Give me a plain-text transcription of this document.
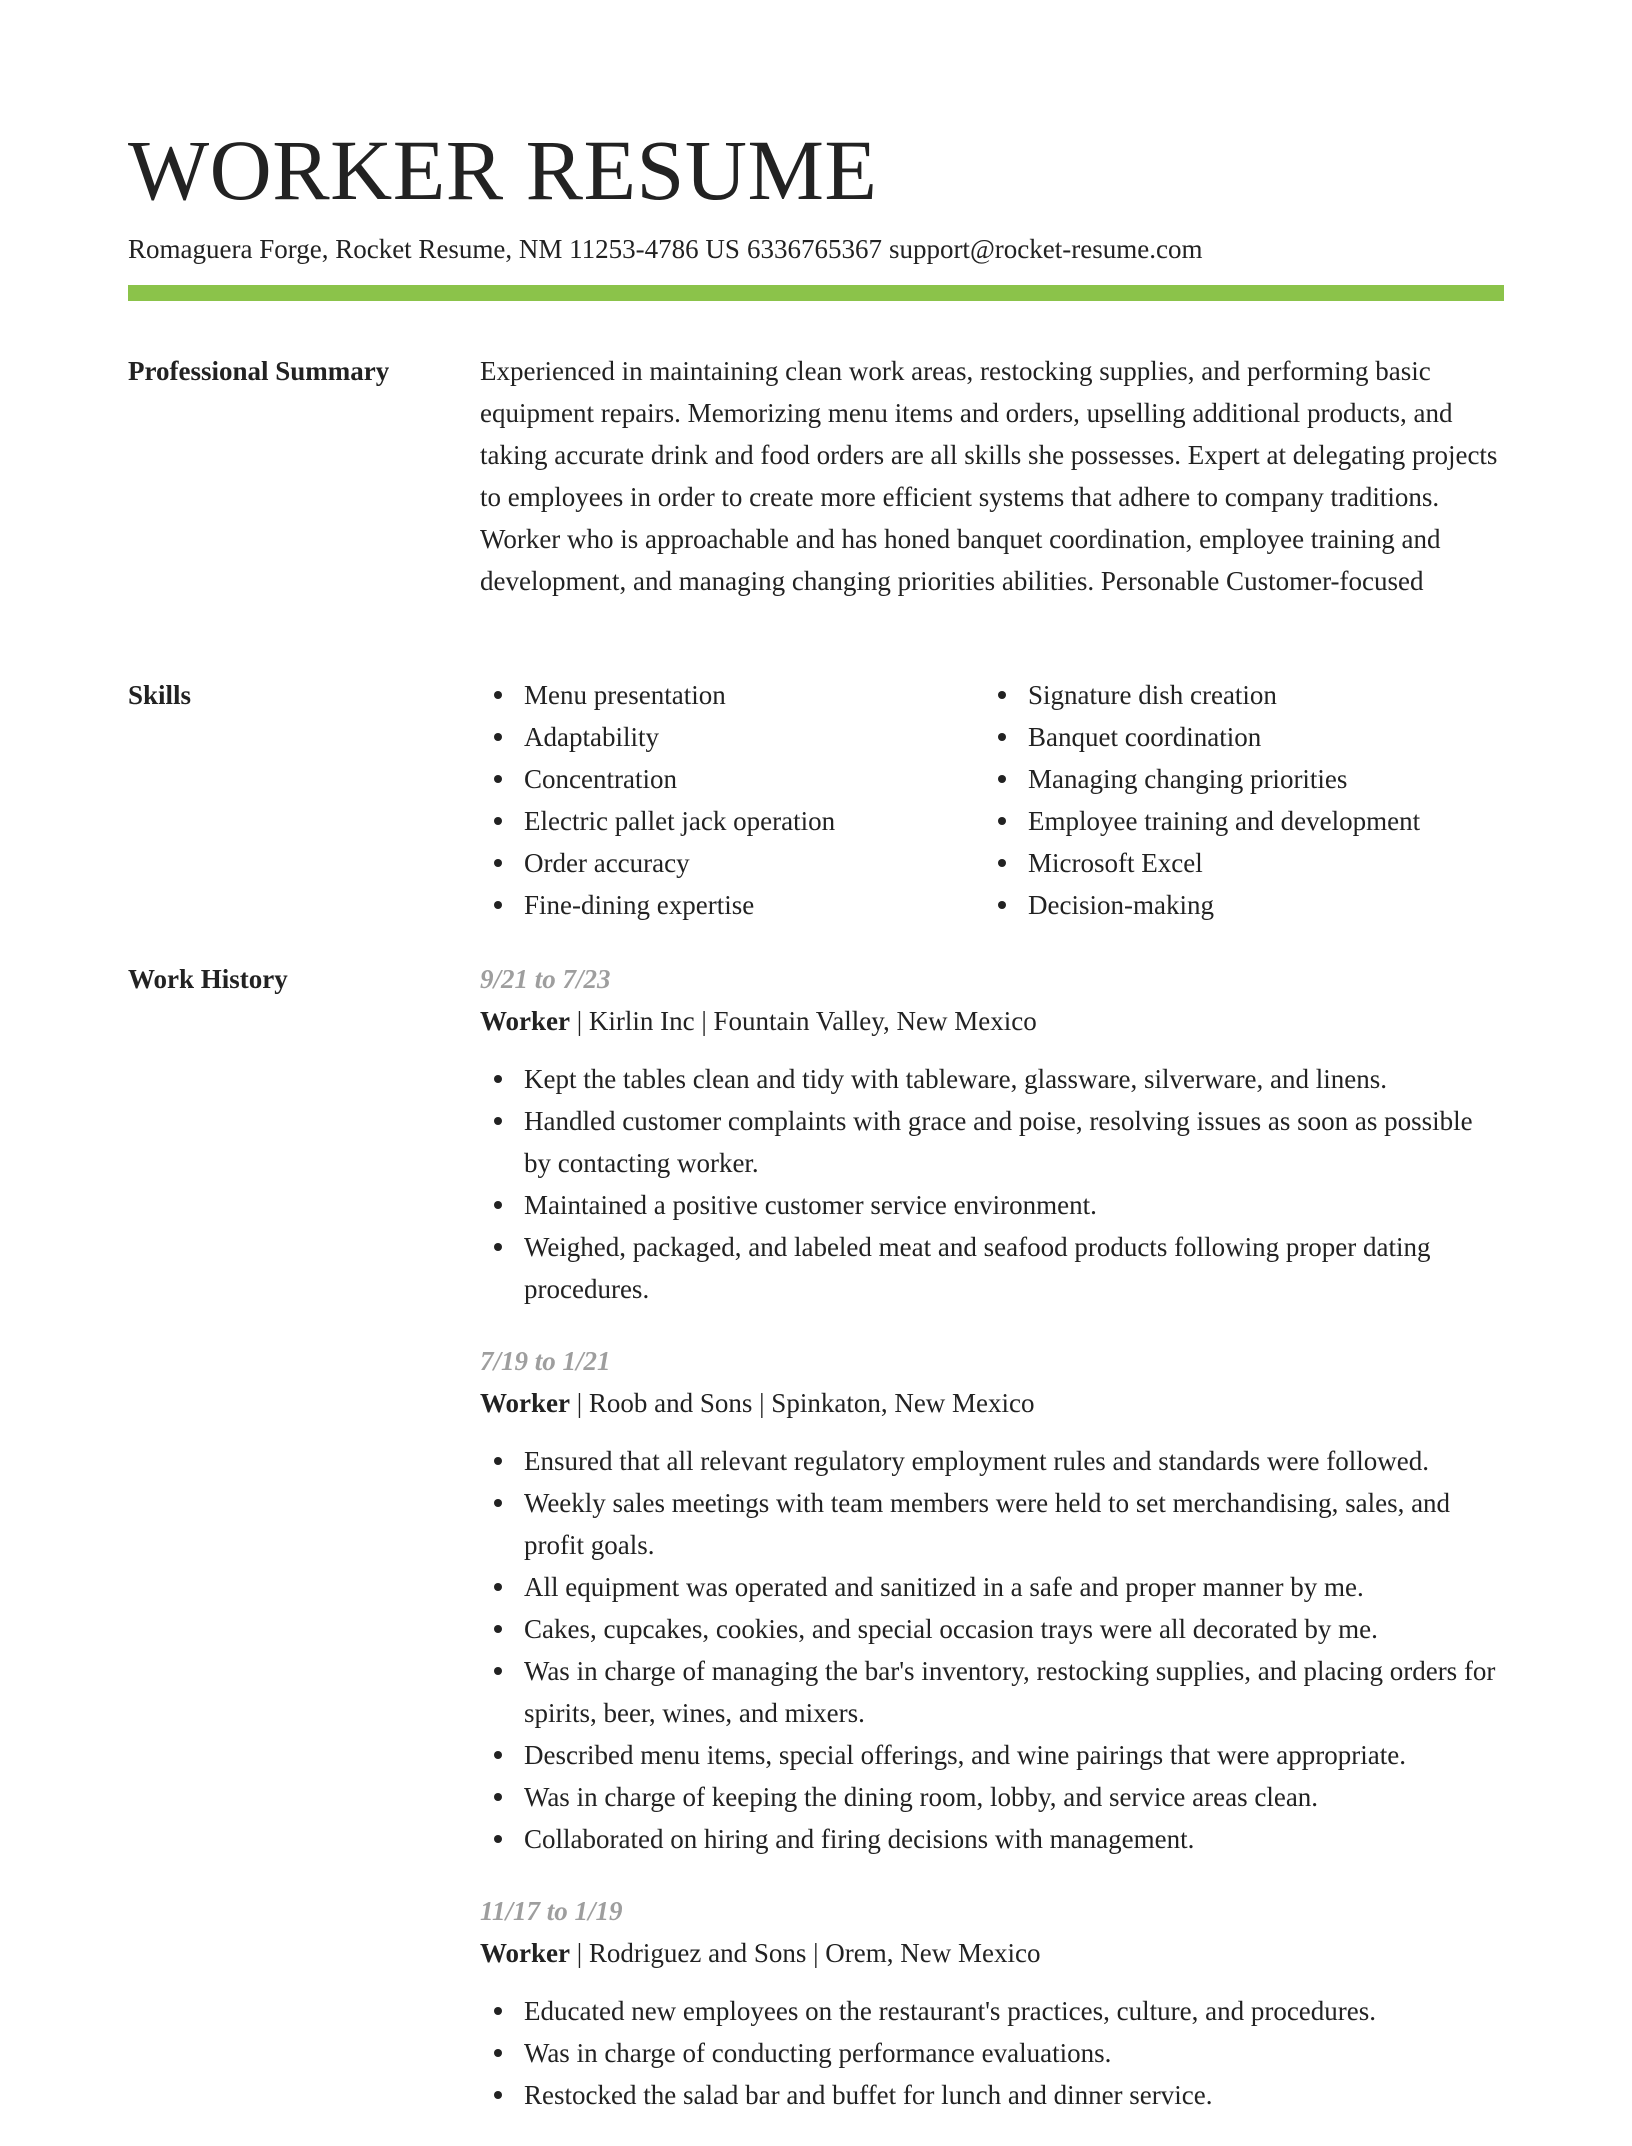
WORKER RESUME
Romaguera Forge, Rocket Resume, NM 11253-4786 US 6336765367 support@rocket-resume.com
Professional Summary	Experienced in maintaining clean work areas, restocking supplies, and performing basic equipment repairs. Memorizing menu items and orders, upselling additional products, and taking accurate drink and food orders are all skills she possesses. Expert at delegating projects to employees in order to create more efficient systems that adhere to company traditions. Worker who is approachable and has honed banquet coordination, employee training and development, and managing changing priorities abilities. Personable Customer-focused

Skills	Menu presentation
Adaptability
Concentration
Electric pallet jack operation
Order accuracy
Fine-dining expertise
Signature dish creation
Banquet coordination
Managing changing priorities
Employee training and development
Microsoft Excel
Decision-making
Work History	9/21 to 7/23
Worker | Kirlin Inc | Fountain Valley, New Mexico
Kept the tables clean and tidy with tableware, glassware, silverware, and linens.
Handled customer complaints with grace and poise, resolving issues as soon as possible by contacting worker.
Maintained a positive customer service environment.
Weighed, packaged, and labeled meat and seafood products following proper dating procedures.
7/19 to 1/21
Worker | Roob and Sons | Spinkaton, New Mexico
Ensured that all relevant regulatory employment rules and standards were followed.
Weekly sales meetings with team members were held to set merchandising, sales, and profit goals.
All equipment was operated and sanitized in a safe and proper manner by me.
Cakes, cupcakes, cookies, and special occasion trays were all decorated by me.
Was in charge of managing the bar's inventory, restocking supplies, and placing orders for spirits, beer, wines, and mixers.
Described menu items, special offerings, and wine pairings that were appropriate.
Was in charge of keeping the dining room, lobby, and service areas clean.
Collaborated on hiring and firing decisions with management.
11/17 to 1/19
Worker | Rodriguez and Sons | Orem, New Mexico
Educated new employees on the restaurant's practices, culture, and procedures.
Was in charge of conducting performance evaluations.
Restocked the salad bar and buffet for lunch and dinner service.
